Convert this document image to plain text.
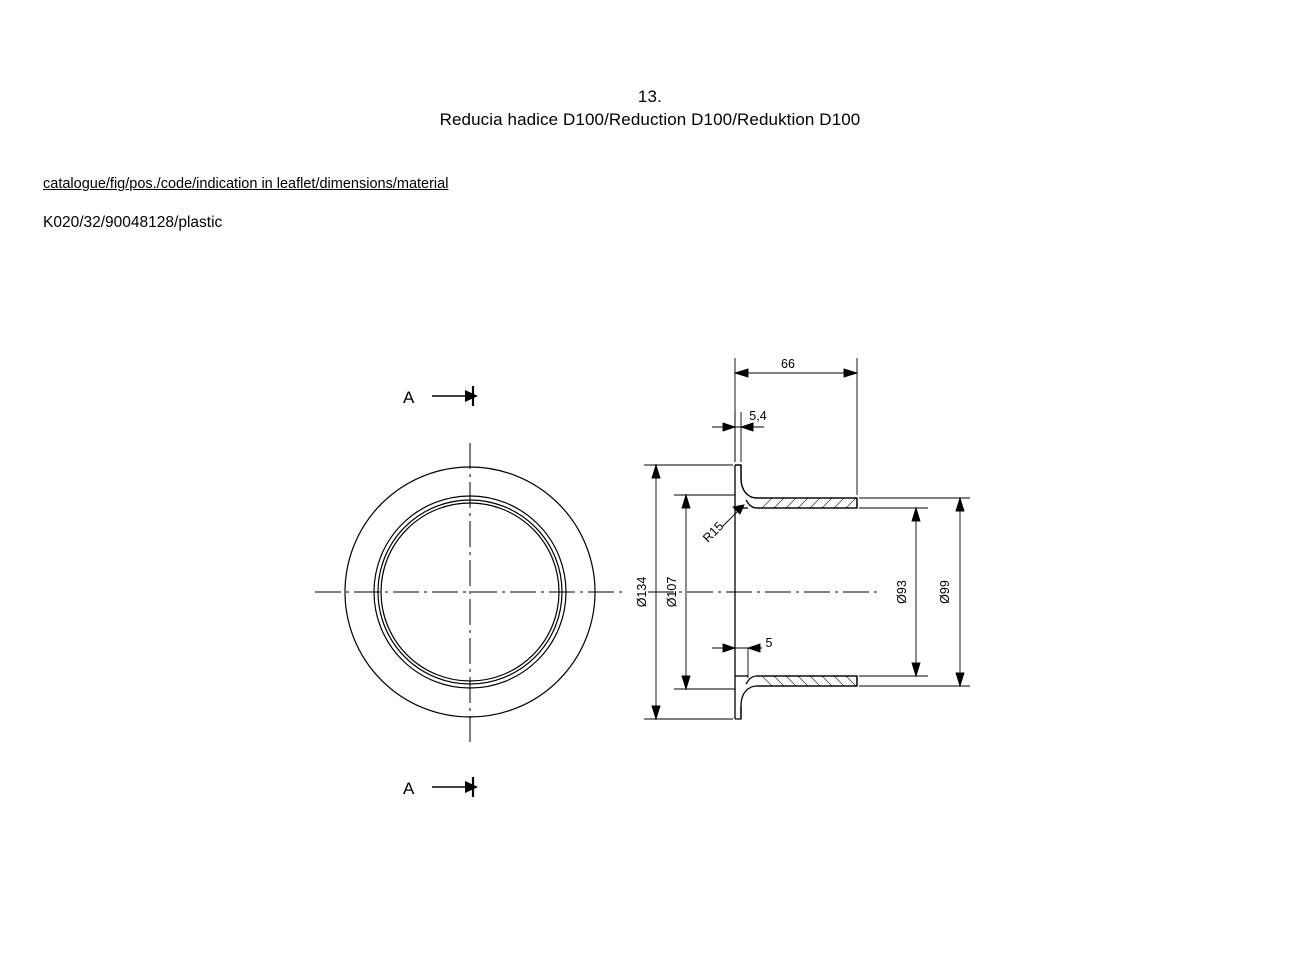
13.
Reducia hadice D100/Reduction D100/Reduktion D100
catalogue/fig/pos./code/indication in leaflet/dimensions/material
K020/32/90048128/plastic
A
A
66
5,4
5
Ø134 Ø107	Ø93 Ø99
R15
